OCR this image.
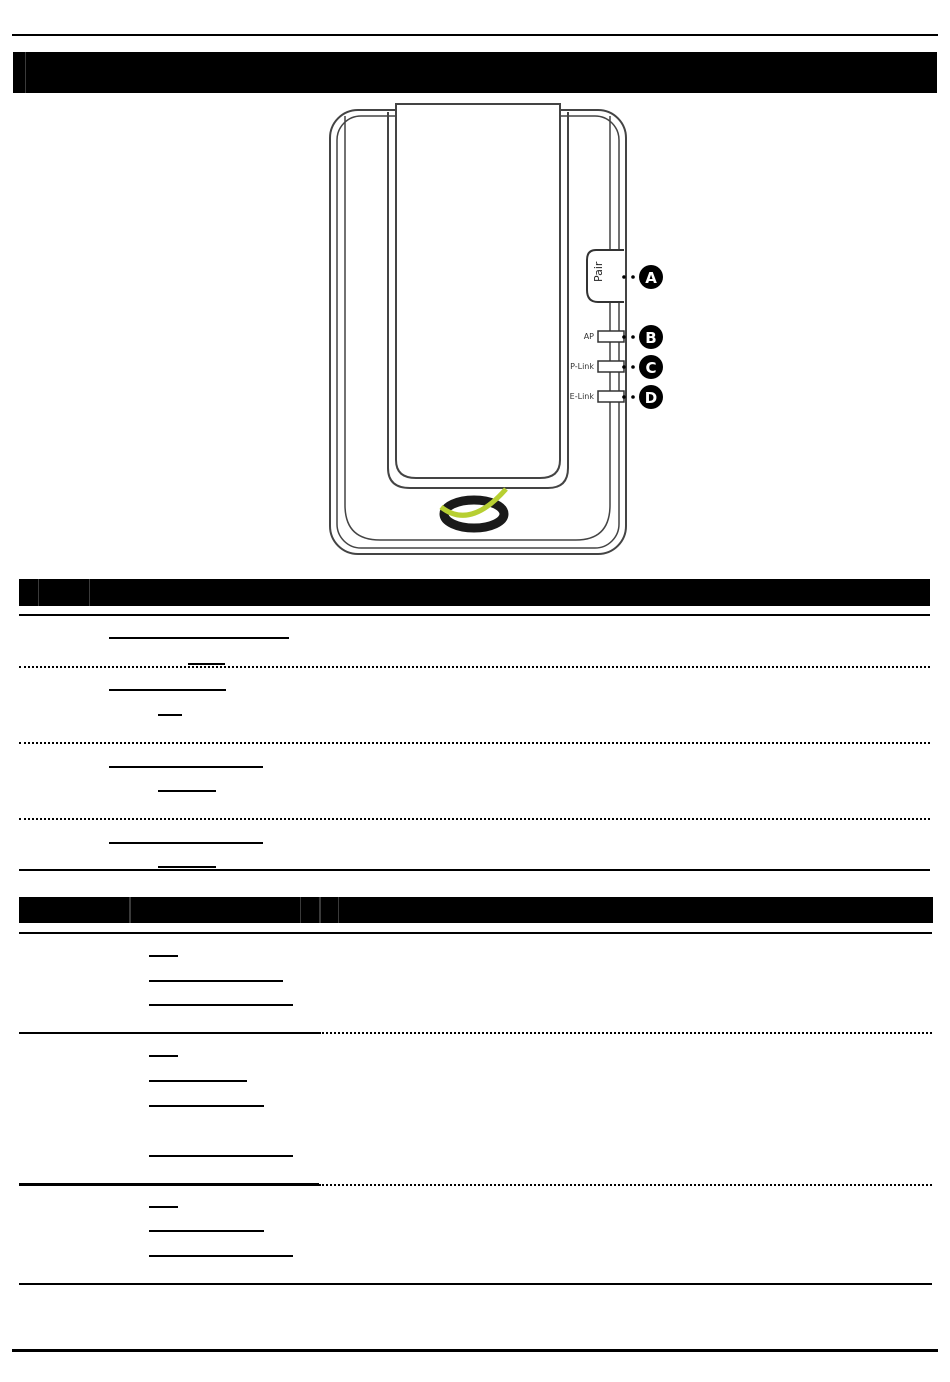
Pair
AP
P-Link
E-Link
A
B
C
D
